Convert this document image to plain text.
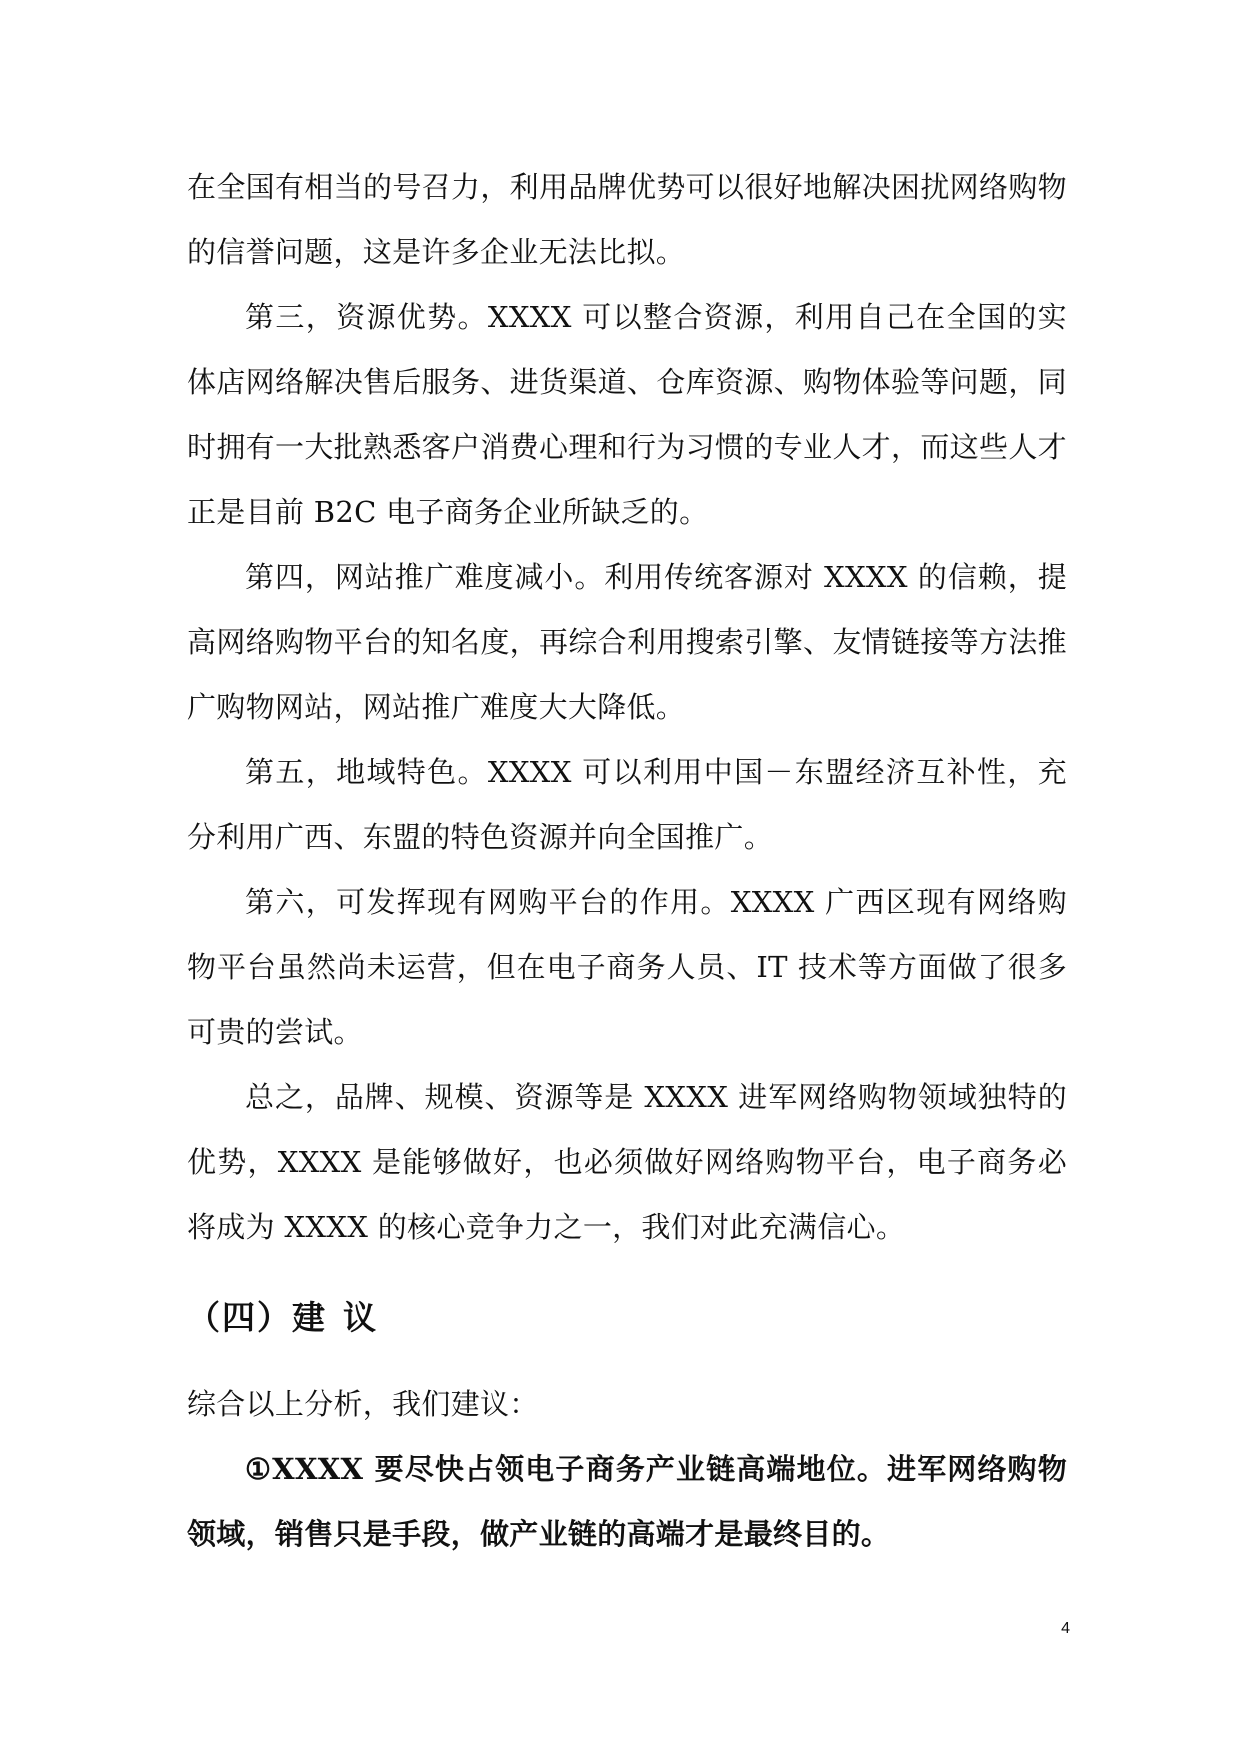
在全国有相当的号召力，利用品牌优势可以很好地解决困扰网络购物的信誉问题，这是许多企业无法比拟。

第三，资源优势。XXXX 可以整合资源，利用自己在全国的实体店网络解决售后服务、进货渠道、仓库资源、购物体验等问题，同时拥有一大批熟悉客户消费心理和行为习惯的专业人才，而这些人才正是目前 B2C 电子商务企业所缺乏的。

第四，网站推广难度减小。利用传统客源对 XXXX 的信赖，提高网络购物平台的知名度，再综合利用搜索引擎、友情链接等方法推广购物网站，网站推广难度大大降低。

第五，地域特色。XXXX 可以利用中国－东盟经济互补性，充分利用广西、东盟的特色资源并向全国推广。

第六，可发挥现有网购平台的作用。XXXX 广西区现有网络购物平台虽然尚未运营，但在电子商务人员、IT 技术等方面做了很多可贵的尝试。

总之，品牌、规模、资源等是 XXXX 进军网络购物领域独特的优势，XXXX 是能够做好，也必须做好网络购物平台，电子商务必将成为 XXXX 的核心竞争力之一，我们对此充满信心。

（四）建议

综合以上分析，我们建议：

①XXXX 要尽快占领电子商务产业链高端地位。进军网络购物领域，销售只是手段，做产业链的高端才是最终目的。

4
